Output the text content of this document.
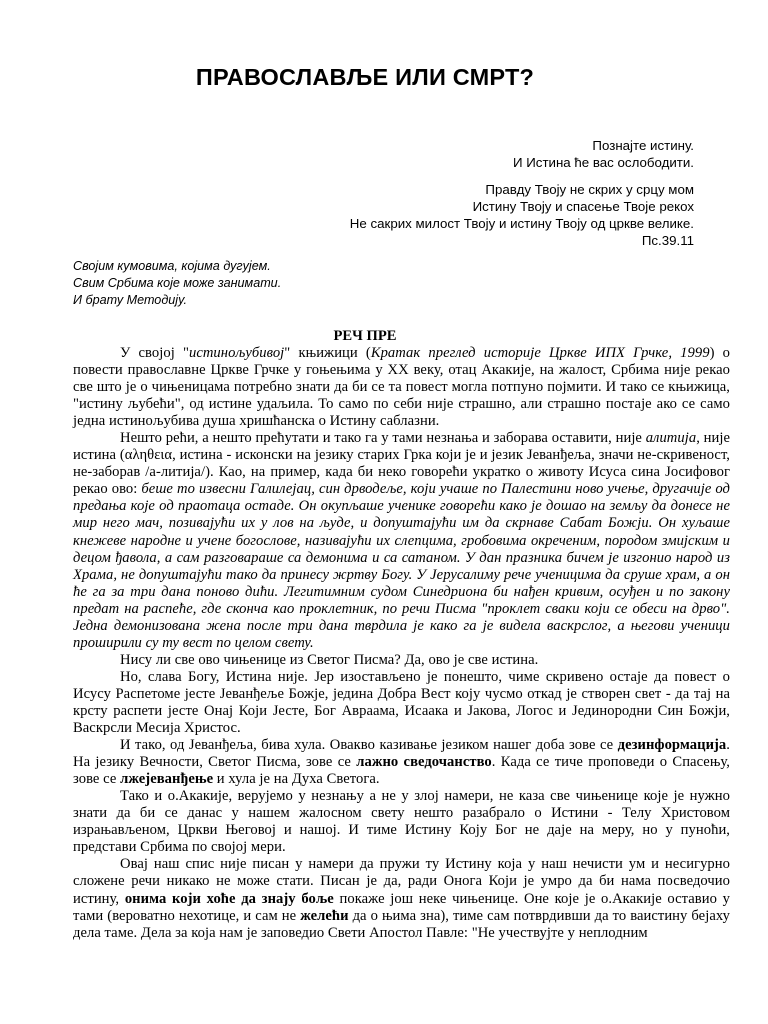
ПРАВОСЛАВЉЕ ИЛИ СМРТ?
Познајте истину.
И Истина ће вас ослободити.
Правду Твоју не скрих у срцу мом
Истину Твоју и спасење Твоје рекох
Не сакрих милост Твоју и истину Твоју од цркве велике.
Пс.39.11
Својим кумовима, којима дугујем.
Свим Србима које може занимати.
И брату Методију.
РЕЧ ПРЕ

У својој "истинољубивој" књижици (Кратак преглед историје Цркве ИПХ Грчке, 1999) о повести православне Цркве Грчке у гоњењима у XX веку, отац Акакије, на жалост, Србима није рекао све што је о чињеницама потребно знати да би се та повест могла потпуно појмити. И тако се књижица, "истину љубећи", од истине удаљила. То само по себи није страшно, али страшно постаје ако се само једна истинољубива душа хришћанска о Истину саблазни.

Нешто рећи, а нешто прећутати и тако га у тами незнања и заборава оставити, није алитија, није истина (αληθεια, истина - исконски на језику старих Грка који је и језик Јеванђеља, значи не-скривеност, не-заборав /а-литија/). Као, на пример, када би неко говорећи укратко о животу Исуса сина Јосифовог рекао ово: беше то извесни Галилејац, син дрводеље, који учаше по Палестини ново учење, другачије од предања које од праотаца остаде. Он окупљаше ученике говорећи како је дошао на земљу да донесе не мир него мач, позивајући их у лов на људе, и допуштајући им да скрнаве Сабат Божји. Он хуљаше кнежеве народне и учене богослове, називајући их слепцима, гробовима окреченим, породом змијским и децом ђавола, а сам разговараше са демонима и са сатаном. У дан празника бичем је изгонио народ из Храма, не допуштајући тако да принесу жртву Богу. У Јерусалиму рече ученицима да сруше храм, а он ће га за три дана поново дићи. Легитимним судом Синедриона би нађен кривим, осуђен и по закону предат на распеће, где сконча као проклетник, по речи Писма "проклет сваки који се обеси на дрво". Једна демонизована жена после три дана тврдила је како га је видела васкрслог, а његови ученици проширили су ту вест по целом свету.

Нису ли све ово чињенице из Светог Писма? Да, ово је све истина.

Но, слава Богу, Истина није. Јер изостављено је понешто, чиме скривено остаје да повест о Исусу Распетоме јесте Јеванђеље Божје, једина Добра Вест коју чусмо откад је створен свет - да тај на крсту распети јесте Онај Који Јесте, Бог Авраама, Исаака и Јакова, Логос и Јединородни Син Божји, Васкрсли Месија Христос.

И тако, од Јеванђеља, бива хула. Овакво казивање језиком нашег доба зове се дезинформација. На језику Вечности, Светог Писма, зове се лажно сведочанство. Када се тиче проповеди о Спасењу, зове се лжејеванђење и хула је на Духа Светога.

Тако и о.Акакије, верујемо у незнању а не у злој намери, не каза све чињенице које је нужно знати да би се данас у нашем жалосном свету нешто разабрало о Истини - Телу Христовом израњављеном, Цркви Његовој и нашој. И тиме Истину Коју Бог не даје на меру, но у пуноћи, представи Србима по својој мери.

Овај наш спис није писан у намери да пружи ту Истину која у наш нечисти ум и несигурно сложене речи никако не може стати. Писан је да, ради Онога Који је умро да би нама посведочио истину, онима који хоће да знају боље покаже још неке чињенице. Оне које је о.Акакије оставио у тами (вероватно нехотице, и сам не желећи да о њима зна), тиме сам потврдивши да то ваистину бејаху дела таме. Дела за која нам је заповедио Свети Апостол Павле: "Не учествујте у неплодним
